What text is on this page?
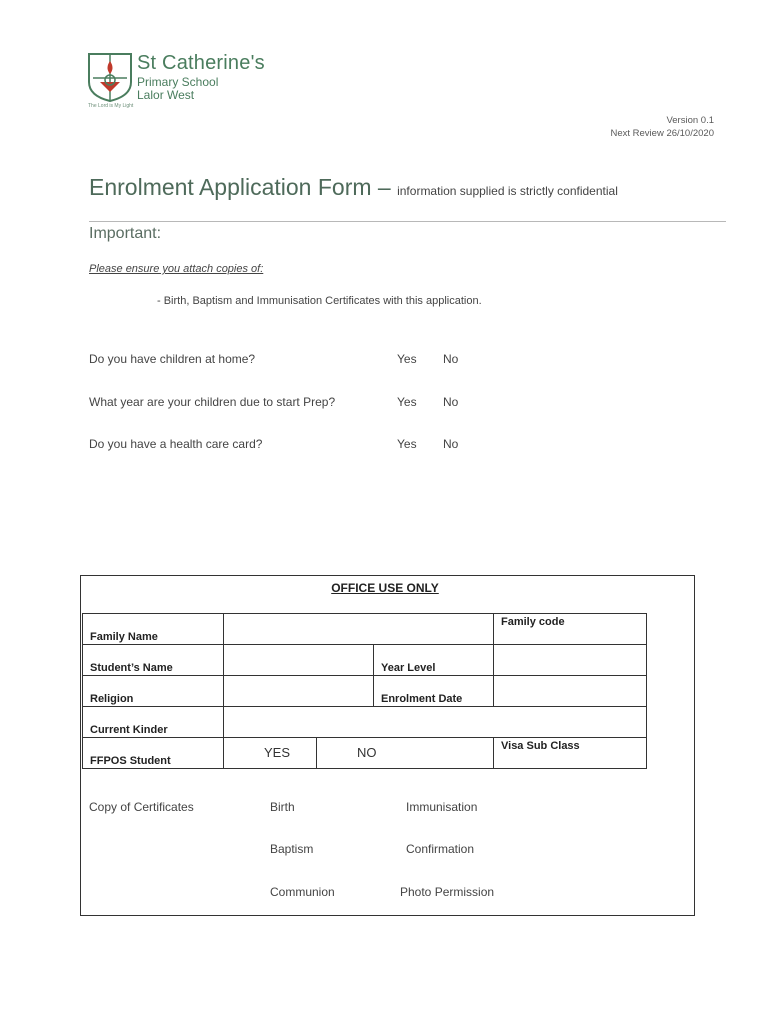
St Catherine's
Primary School
Lalor West
The Lord is My Light
Version 0.1
Next Review 26/10/2020
Enrolment Application Form – information supplied is strictly confidential
Important:
Please ensure you attach copies of:
- Birth, Baptism and Immunisation Certificates with this application.
Do you have children at home?	Yes No
What year are your children due to start Prep?	Yes No
Do you have a health care card?	Yes No
OFFICE USE ONLY
Family Name				Family code
Student’s Name			Year Level	
Religion			Enrolment Date	
Current Kinder				
FFPOS Student	YES	NO		Visa Sub Class
Copy of Certificates	Birth	Immunisation
Baptism	Confirmation
Communion	Photo Permission
